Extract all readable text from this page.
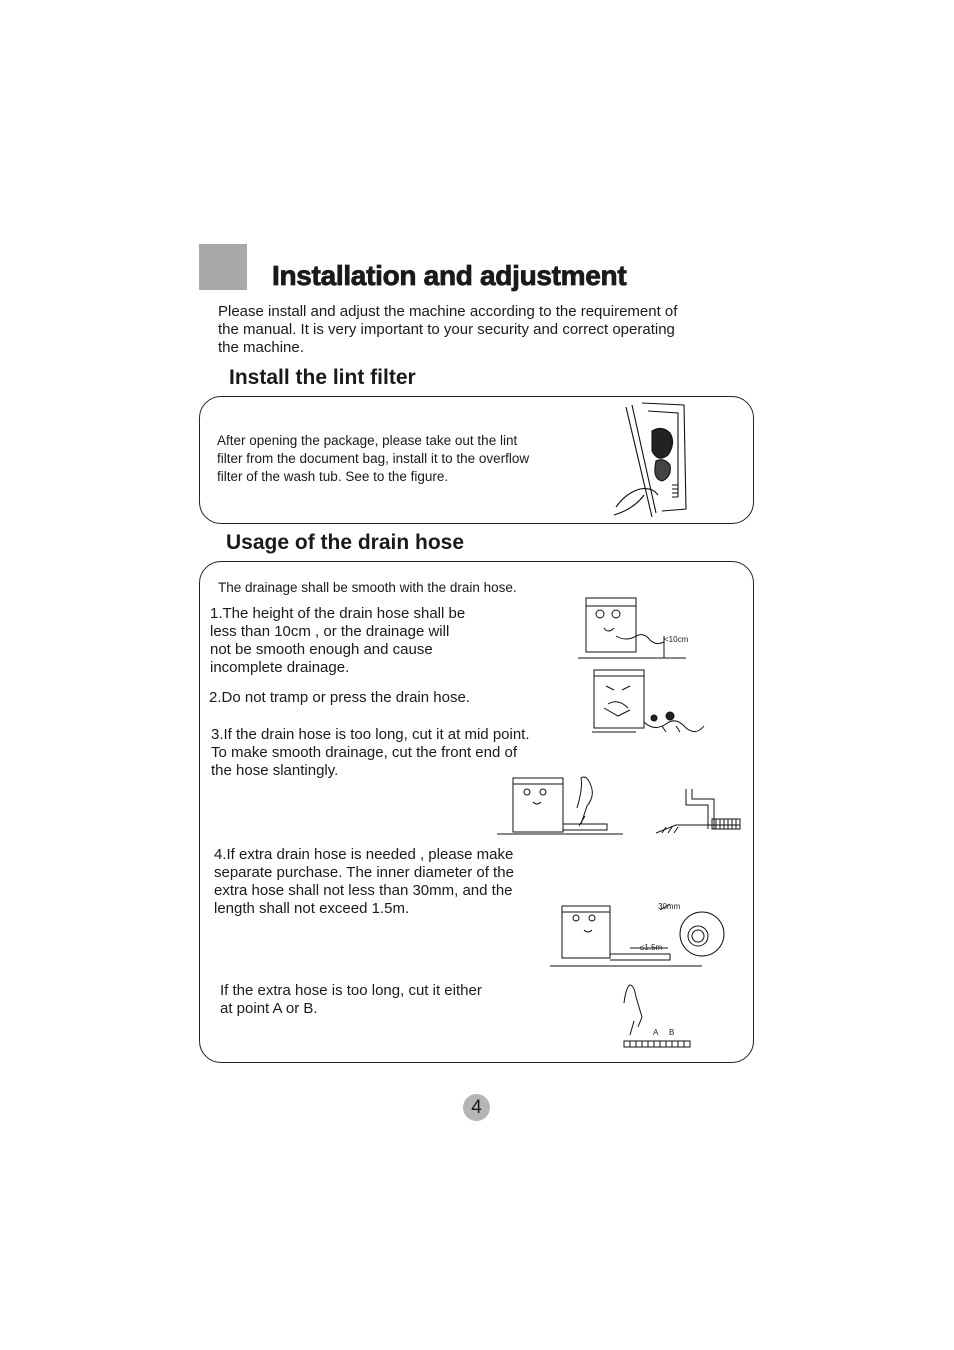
Installation and adjustment
Please install and adjust the machine according to the requirement of
the manual. It is very important to your security and correct operating
the machine.
Install the lint filter
After opening the package, please take out the lint
filter from the document bag, install it to the overflow
filter of the wash tub. See to the figure.
Usage of the drain hose
The drainage shall be smooth with the drain hose.
1.The height of the drain hose shall be
less than 10cm , or the drainage will
not be smooth enough and cause
incomplete drainage.
<10cm
2.Do not tramp or press the drain hose.
3.If the drain hose is too long, cut it at mid point.
To make smooth drainage, cut the front end of
the hose slantingly.
4.If extra drain hose is needed , please make
separate purchase. The inner diameter of the
extra hose shall not less than 30mm, and the
length shall not exceed 1.5m.	30mm
≤1.5m
If the extra hose is too long, cut it either
at point A or B.
A B
4
